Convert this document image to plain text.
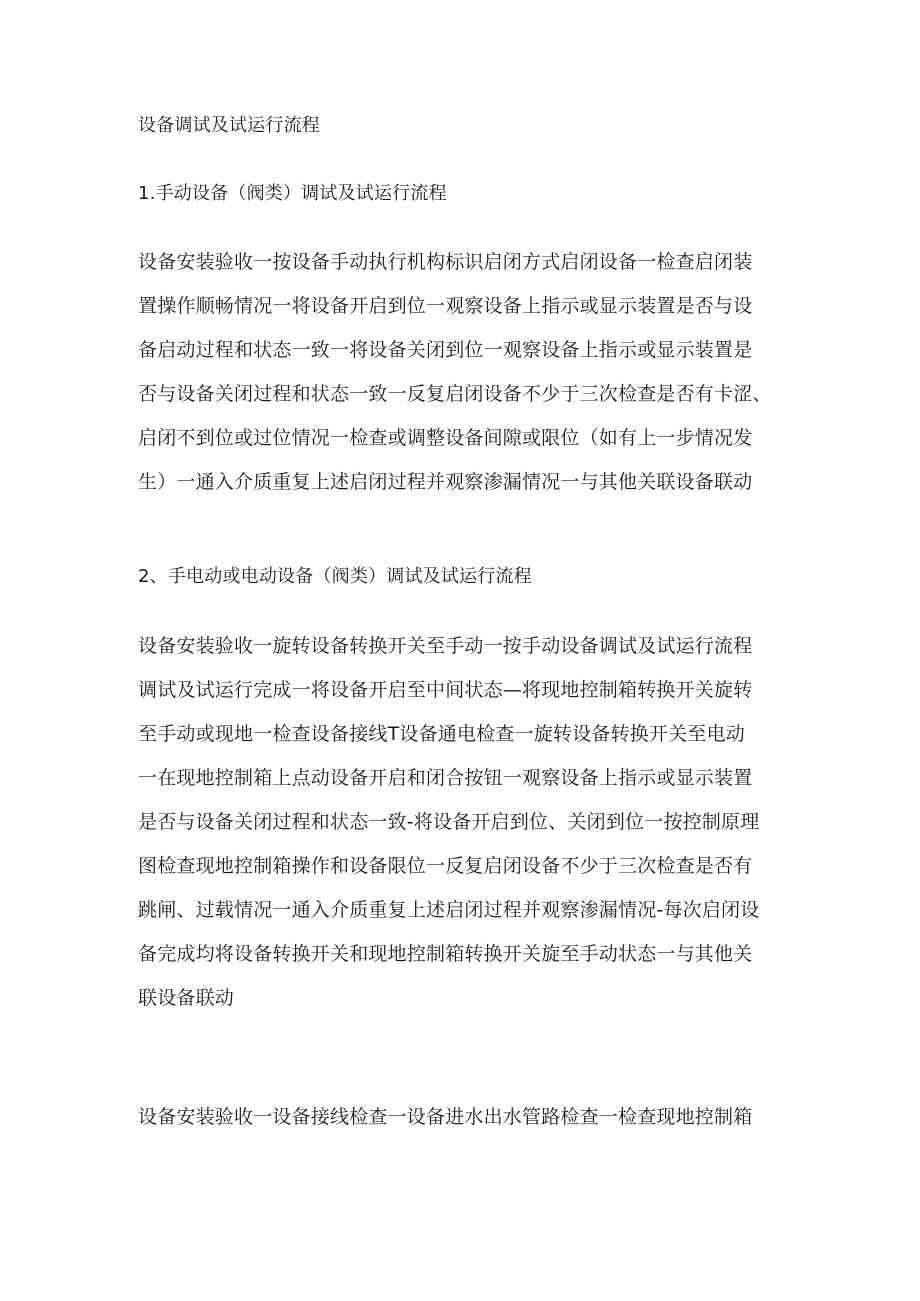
设备调试及试运行流程

1.手动设备（阀类）调试及试运行流程

设备安装验收一按设备手动执行机构标识启闭方式启闭设备一检查启闭装
置操作顺畅情况一将设备开启到位一观察设备上指示或显示装置是否与设
备启动过程和状态一致一将设备关闭到位一观察设备上指示或显示装置是
否与设备关闭过程和状态一致一反复启闭设备不少于三次检查是否有卡涩、
启闭不到位或过位情况一检查或调整设备间隙或限位（如有上一步情况发
生）一通入介质重复上述启闭过程并观察渗漏情况一与其他关联设备联动

2、手电动或电动设备（阀类）调试及试运行流程

设备安装验收一旋转设备转换开关至手动一按手动设备调试及试运行流程
调试及试运行完成一将设备开启至中间状态—将现地控制箱转换开关旋转
至手动或现地一检查设备接线T设备通电检查一旋转设备转换开关至电动
一在现地控制箱上点动设备开启和闭合按钮一观察设备上指示或显示装置
是否与设备关闭过程和状态一致-将设备开启到位、关闭到位一按控制原理
图检查现地控制箱操作和设备限位一反复启闭设备不少于三次检查是否有
跳闸、过载情况一通入介质重复上述启闭过程并观察渗漏情况-每次启闭设
备完成均将设备转换开关和现地控制箱转换开关旋至手动状态一与其他关
联设备联动

设备安装验收一设备接线检查一设备进水出水管路检查一检查现地控制箱
